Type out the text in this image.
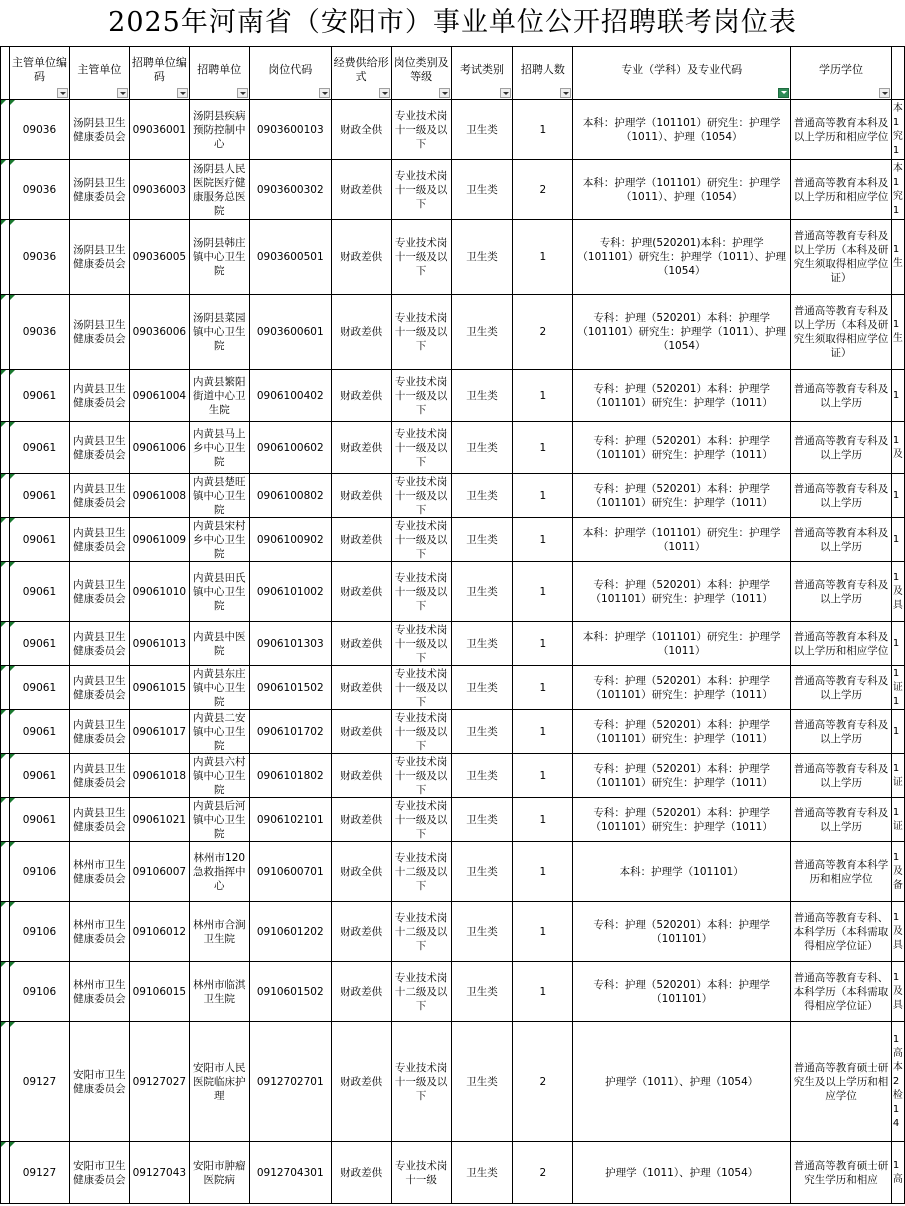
2025年河南省（安阳市）事业单位公开招聘联考岗位表

	主管单位编码	主管单位	招聘单位编码	招聘单位	岗位代码	经费供给形式	岗位类别及等级	考试类别	招聘人数	专业（学科）及专业代码	学历学位	

	09036	汤阴县卫生健康委员会	09036001	汤阴县疾病预防控制中心	0903600103	财政全供	专业技术岗十一级及以下	卫生类	1	本科：护理学（101101）研究生：护理学（1011）、护理（1054）	普通高等教育本科及以上学历和相应学位	本 1 究 1
	09036	汤阴县卫生健康委员会	09036003	汤阴县人民医院医疗健康服务总医院	0903600302	财政差供	专业技术岗十一级及以下	卫生类	2	本科：护理学（101101）研究生：护理学（1011）、护理（1054）	普通高等教育本科及以上学历和相应学位	本 1 究 1
	09036	汤阴县卫生健康委员会	09036005	汤阴县韩庄镇中心卫生院	0903600501	财政差供	专业技术岗十一级及以下	卫生类	1	专科：护理(520201)本科：护理学（101101）研究生：护理学（1011）、护理（1054）	普通高等教育专科及以上学历（本科及研究生须取得相应学位证）	1 生
	09036	汤阴县卫生健康委员会	09036006	汤阴县菜园镇中心卫生院	0903600601	财政差供	专业技术岗十一级及以下	卫生类	2	专科：护理（520201）本科：护理学（101101）研究生：护理学（1011）、护理（1054）	普通高等教育专科及以上学历（本科及研究生须取得相应学位证）	1 生
	09061	内黄县卫生健康委员会	09061004	内黄县繁阳街道中心卫生院	0906100402	财政差供	专业技术岗十一级及以下	卫生类	1	专科：护理（520201）本科：护理学（101101）研究生：护理学（1011）	普通高等教育专科及以上学历	1
	09061	内黄县卫生健康委员会	09061006	内黄县马上乡中心卫生院	0906100602	财政差供	专业技术岗十一级及以下	卫生类	1	专科：护理（520201）本科：护理学（101101）研究生：护理学（1011）	普通高等教育专科及以上学历	1 及
	09061	内黄县卫生健康委员会	09061008	内黄县楚旺镇中心卫生院	0906100802	财政差供	专业技术岗十一级及以下	卫生类	1	专科：护理（520201）本科：护理学（101101）研究生：护理学（1011）	普通高等教育专科及以上学历	1
	09061	内黄县卫生健康委员会	09061009	内黄县宋村乡中心卫生院	0906100902	财政差供	专业技术岗十一级及以下	卫生类	1	本科：护理学（101101）研究生：护理学（1011）	普通高等教育本科及以上学历	1
	09061	内黄县卫生健康委员会	09061010	内黄县田氏镇中心卫生院	0906101002	财政差供	专业技术岗十一级及以下	卫生类	1	专科：护理（520201）本科：护理学（101101）研究生：护理学（1011）	普通高等教育专科及以上学历	1 及 具
	09061	内黄县卫生健康委员会	09061013	内黄县中医院	0906101303	财政差供	专业技术岗十一级及以下	卫生类	1	本科：护理学（101101）研究生：护理学（1011）	普通高等教育本科及以上学历和相应学位	1
	09061	内黄县卫生健康委员会	09061015	内黄县东庄镇中心卫生院	0906101502	财政差供	专业技术岗十一级及以下	卫生类	1	专科：护理（520201）本科：护理学（101101）研究生：护理学（1011）	普通高等教育专科及以上学历	1 证 1
	09061	内黄县卫生健康委员会	09061017	内黄县二安镇中心卫生院	0906101702	财政差供	专业技术岗十一级及以下	卫生类	1	专科：护理（520201）本科：护理学（101101）研究生：护理学（1011）	普通高等教育专科及以上学历	1
	09061	内黄县卫生健康委员会	09061018	内黄县六村镇中心卫生院	0906101802	财政差供	专业技术岗十一级及以下	卫生类	1	专科：护理（520201）本科：护理学（101101）研究生：护理学（1011）	普通高等教育专科及以上学历	1 证
	09061	内黄县卫生健康委员会	09061021	内黄县后河镇中心卫生院	0906102101	财政差供	专业技术岗十一级及以下	卫生类	1	专科：护理（520201）本科：护理学（101101）研究生：护理学（1011）	普通高等教育专科及以上学历	1 证
	09106	林州市卫生健康委员会	09106007	林州市120急救指挥中心	0910600701	财政全供	专业技术岗十二级及以下	卫生类	1	本科：护理学（101101）	普通高等教育本科学历和相应学位	1 及 备
	09106	林州市卫生健康委员会	09106012	林州市合涧卫生院	0910601202	财政差供	专业技术岗十二级及以下	卫生类	1	专科：护理（520201）本科：护理学（101101）	普通高等教育专科、本科学历（本科需取得相应学位证）	1 及 具
	09106	林州市卫生健康委员会	09106015	林州市临淇卫生院	0910601502	财政差供	专业技术岗十二级及以下	卫生类	1	专科：护理（520201）本科：护理学（101101）	普通高等教育专科、本科学历（本科需取得相应学位证）	1 及 具
	09127	安阳市卫生健康委员会	09127027	安阳市人民医院临床护理	0912702701	财政差供	专业技术岗十一级及以下	卫生类	2	护理学（1011）、护理（1054）	普通高等教育硕士研究生及以上学历和相应学位	1 高 本 2 检 1 4
	09127	安阳市卫生健康委员会	09127043	安阳市肿瘤医院病	0912704301	财政差供	专业技术岗十一级	卫生类	2	护理学（1011）、护理（1054）	普通高等教育硕士研究生学历和相应	1 高
